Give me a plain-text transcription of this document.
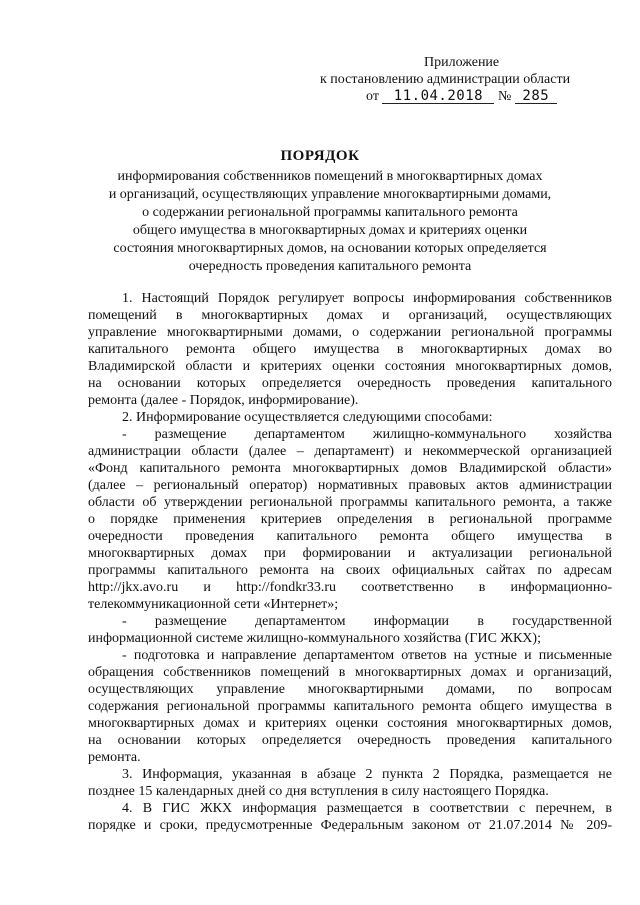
Приложение
к постановлению администрации области
от 11.04.2018 № 285
ПОРЯДОК
информирования собственников помещений в многоквартирных домах
и организаций, осуществляющих управление многоквартирными домами,
о содержании региональной программы капитального ремонта
общего имущества в многоквартирных домах и критериях оценки
состояния многоквартирных домов, на основании которых определяется
очередность проведения капитального ремонта
1. Настоящий Порядок регулирует вопросы информирования собственников
помещений в многоквартирных домах и организаций, осуществляющих
управление многоквартирными домами, о содержании региональной программы
капитального ремонта общего имущества в многоквартирных домах во
Владимирской области и критериях оценки состояния многоквартирных домов,
на основании которых определяется очередность проведения капитального
ремонта (далее - Порядок, информирование).
2. Информирование осуществляется следующими способами:
- размещение департаментом жилищно-коммунального хозяйства
администрации области (далее – департамент) и некоммерческой организацией
«Фонд капитального ремонта многоквартирных домов Владимирской области»
(далее – региональный оператор) нормативных правовых актов администрации
области об утверждении региональной программы капитального ремонта, а также
о порядке применения критериев определения в региональной программе
очередности проведения капитального ремонта общего имущества в
многоквартирных домах при формировании и актуализации региональной
программы капитального ремонта на своих официальных сайтах по адресам
http://jkx.avo.ru и http://fondkr33.ru соответственно в информационно-
телекоммуникационной сети «Интернет»;
- размещение департаментом информации в государственной
информационной системе жилищно-коммунального хозяйства (ГИС ЖКХ);
- подготовка и направление департаментом ответов на устные и письменные
обращения собственников помещений в многоквартирных домах и организаций,
осуществляющих управление многоквартирными домами, по вопросам
содержания региональной программы капитального ремонта общего имущества в
многоквартирных домах и критериях оценки состояния многоквартирных домов,
на основании которых определяется очередность проведения капитального
ремонта.
3. Информация, указанная в абзаце 2 пункта 2 Порядка, размещается не
позднее 15 календарных дней со дня вступления в силу настоящего Порядка.
4. В ГИС ЖКХ информация размещается в соответствии с перечнем, в
порядке и сроки, предусмотренные Федеральным законом от 21.07.2014 № 209-
